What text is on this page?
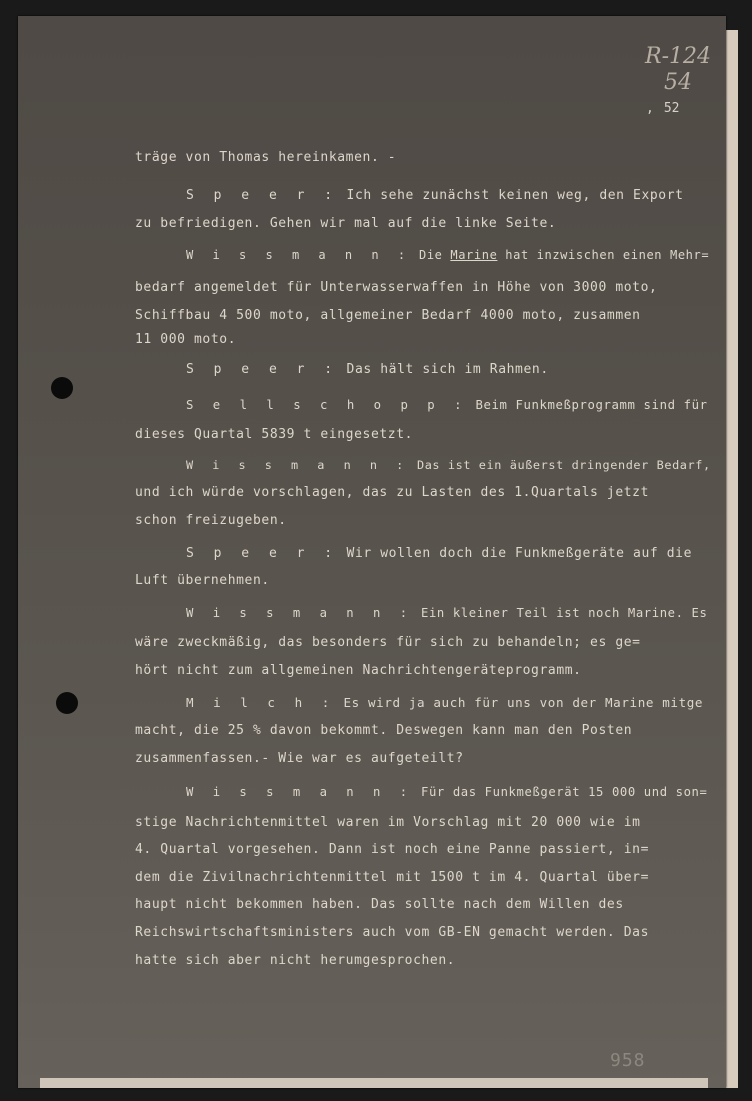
R-124
54
, 52
träge von Thomas hereinkamen. -
S p e e r : Ich sehe zunächst keinen weg, den Export
zu befriedigen. Gehen wir mal auf die linke Seite.
W i s s m a n n : Die Marine hat inzwischen einen Mehr=
bedarf angemeldet für Unterwasserwaffen in Höhe von 3000 moto,
Schiffbau 4 500 moto, allgemeiner Bedarf 4000 moto, zusammen
11 000 moto.
S p e e r : Das hält sich im Rahmen.
S e l l s c h o p p : Beim Funkmeßprogramm sind für
dieses Quartal 5839 t eingesetzt.
W i s s m a n n : Das ist ein äußerst dringender Bedarf,
und ich würde vorschlagen, das zu Lasten des 1.Quartals jetzt
schon freizugeben.
S p e e r : Wir wollen doch die Funkmeßgeräte auf die
Luft übernehmen.
W i s s m a n n : Ein kleiner Teil ist noch Marine. Es
wäre zweckmäßig, das besonders für sich zu behandeln; es ge=
hört nicht zum allgemeinen Nachrichtengeräteprogramm.
M i l c h : Es wird ja auch für uns von der Marine mitge
macht, die 25 % davon bekommt. Deswegen kann man den Posten
zusammenfassen.- Wie war es aufgeteilt?
W i s s m a n n : Für das Funkmeßgerät 15 000 und son=
stige Nachrichtenmittel waren im Vorschlag mit 20 000 wie im
4. Quartal vorgesehen. Dann ist noch eine Panne passiert, in=
dem die Zivilnachrichtenmittel mit 1500 t im 4. Quartal über=
haupt nicht bekommen haben. Das sollte nach dem Willen des
Reichswirtschaftsministers auch vom GB-EN gemacht werden. Das
hatte sich aber nicht herumgesprochen.
958
